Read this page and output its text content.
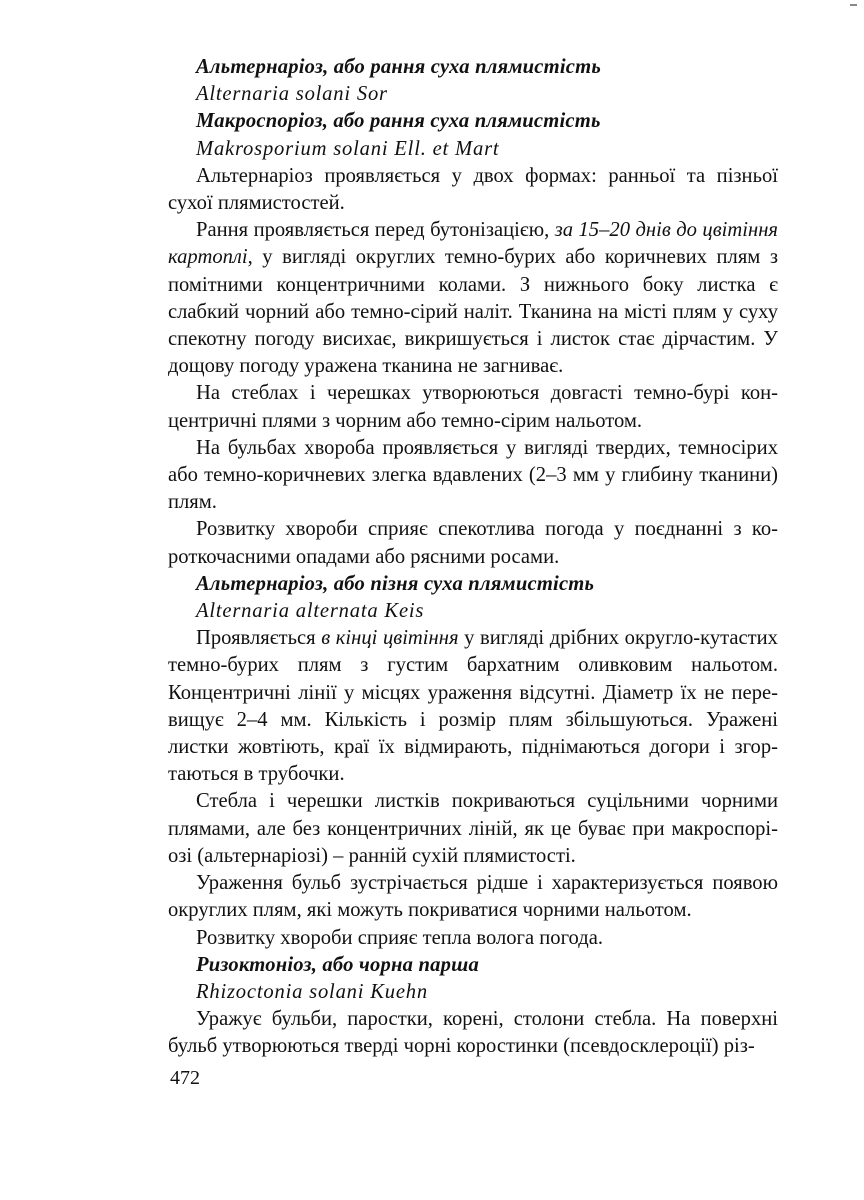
Альтернаріоз, або рання суха плямистість

Alternaria solani Sor

Макроспоріоз, або рання суха плямистість

Makrosporium solani Ell. et Mart

Альтернаріоз проявляється у двох формах: ранньої та пізньої сухої плямистостей.

Рання проявляється перед бутонізацією, за 15–20 днів до цвітіння картоплі, у вигляді округлих темно-бурих або коричневих плям з помітними концентричними колами. З нижнього боку листка є слабкий чорний або темно-сірий наліт. Тканина на місті плям у суху спекотну погоду висихає, викришується і листок стає дірчастим. У дощову погоду уражена тканина не загниває.

На стеблах і черешках утворюються довгасті темно-бурі концентричні плями з чорним або темно-сірим нальотом.

На бульбах хвороба проявляється у вигляді твердих, темносірих або темно-коричневих злегка вдавлених (2–3 мм у глибину тканини) плям.

Розвитку хвороби сприяє спекотлива погода у поєднанні з короткочасними опадами або рясними росами.

Альтернаріоз, або пізня суха плямистість

Alternaria alternata Keis

Проявляється в кінці цвітіння у вигляді дрібних округло-кутастих темно-бурих плям з густим бархатним оливковим нальотом. Концентричні лінії у місцях ураження відсутні. Діаметр їх не перевищує 2–4 мм. Кількість і розмір плям збільшуються. Уражені листки жовтіють, краї їх відмирають, піднімаються догори і згортаються в трубочки.

Стебла і черешки листків покриваються суцільними чорними плямами, але без концентричних ліній, як це буває при макроспоріозі (альтернаріозі) – ранній сухій плямистості.

Ураження бульб зустрічається рідше і характеризується появою округлих плям, які можуть покриватися чорними нальотом.

Розвитку хвороби сприяє тепла волога погода.

Ризоктоніоз, або чорна парша

Rhizoctonia solani Kuehn

Уражує бульби, паростки, корені, столони стебла. На поверхні бульб утворюються тверді чорні коростинки (псевдосклероції) різ-

472
